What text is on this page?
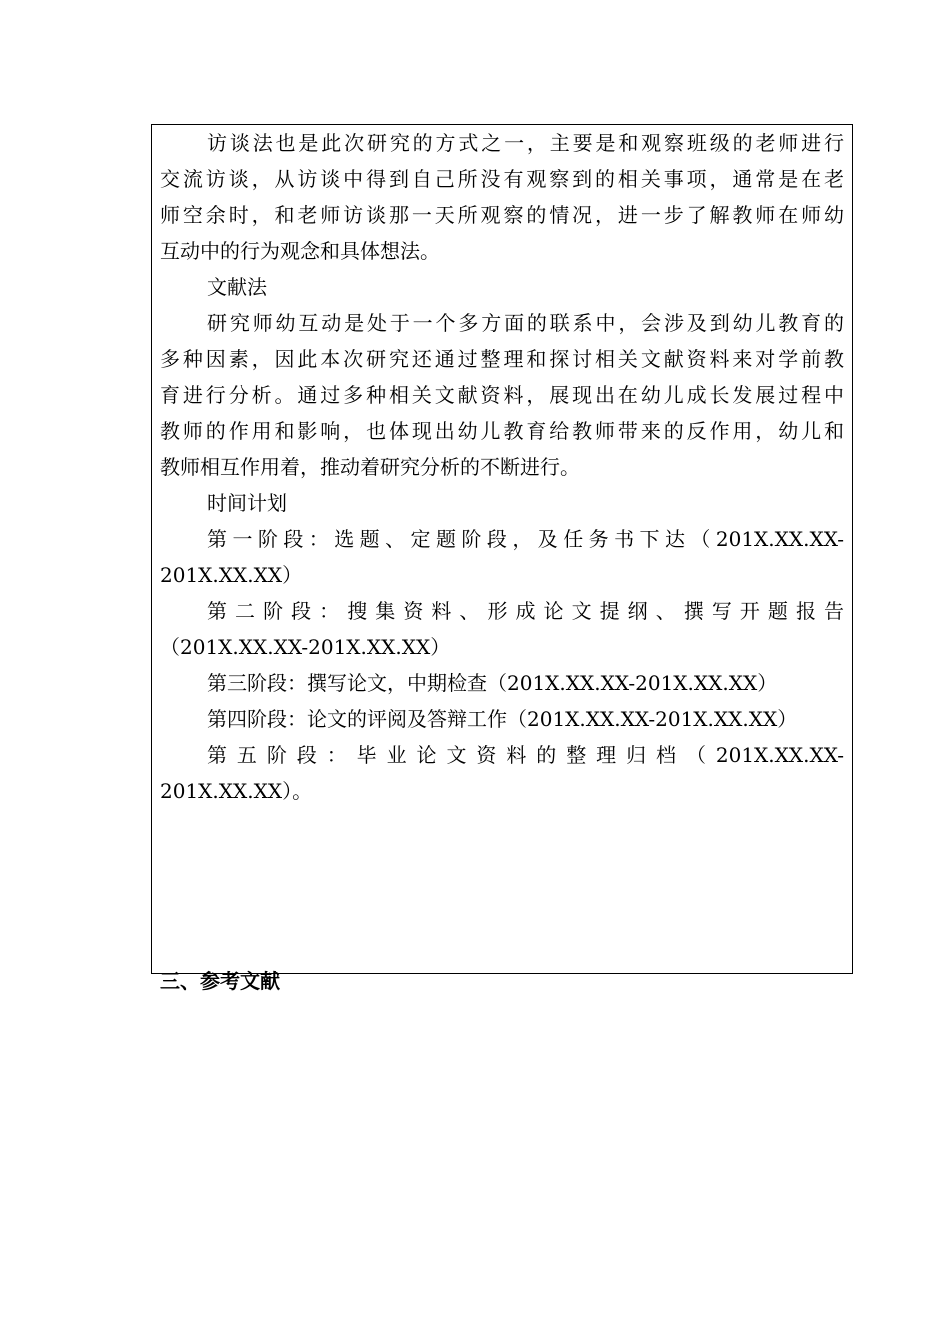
访谈法也是此次研究的方式之一，主要是和观察班级的老师进行
交流访谈，从访谈中得到自己所没有观察到的相关事项，通常是在老
师空余时，和老师访谈那一天所观察的情况，进一步了解教师在师幼
互动中的行为观念和具体想法。
文献法
研究师幼互动是处于一个多方面的联系中，会涉及到幼儿教育的
多种因素，因此本次研究还通过整理和探讨相关文献资料来对学前教
育进行分析。通过多种相关文献资料，展现出在幼儿成长发展过程中
教师的作用和影响，也体现出幼儿教育给教师带来的反作用，幼儿和
教师相互作用着，推动着研究分析的不断进行。
时间计划
第一阶段：选题、定题阶段，及任务书下达（201X.XX.XX-
201X.XX.XX）
第二阶段：搜集资料、形成论文提纲、撰写开题报告
（201X.XX.XX-201X.XX.XX）
第三阶段：撰写论文，中期检查（201X.XX.XX-201X.XX.XX）
第四阶段：论文的评阅及答辩工作（201X.XX.XX-201X.XX.XX）
第五阶段：毕业论文资料的整理归档（201X.XX.XX-
201X.XX.XX）。
三、参考文献
